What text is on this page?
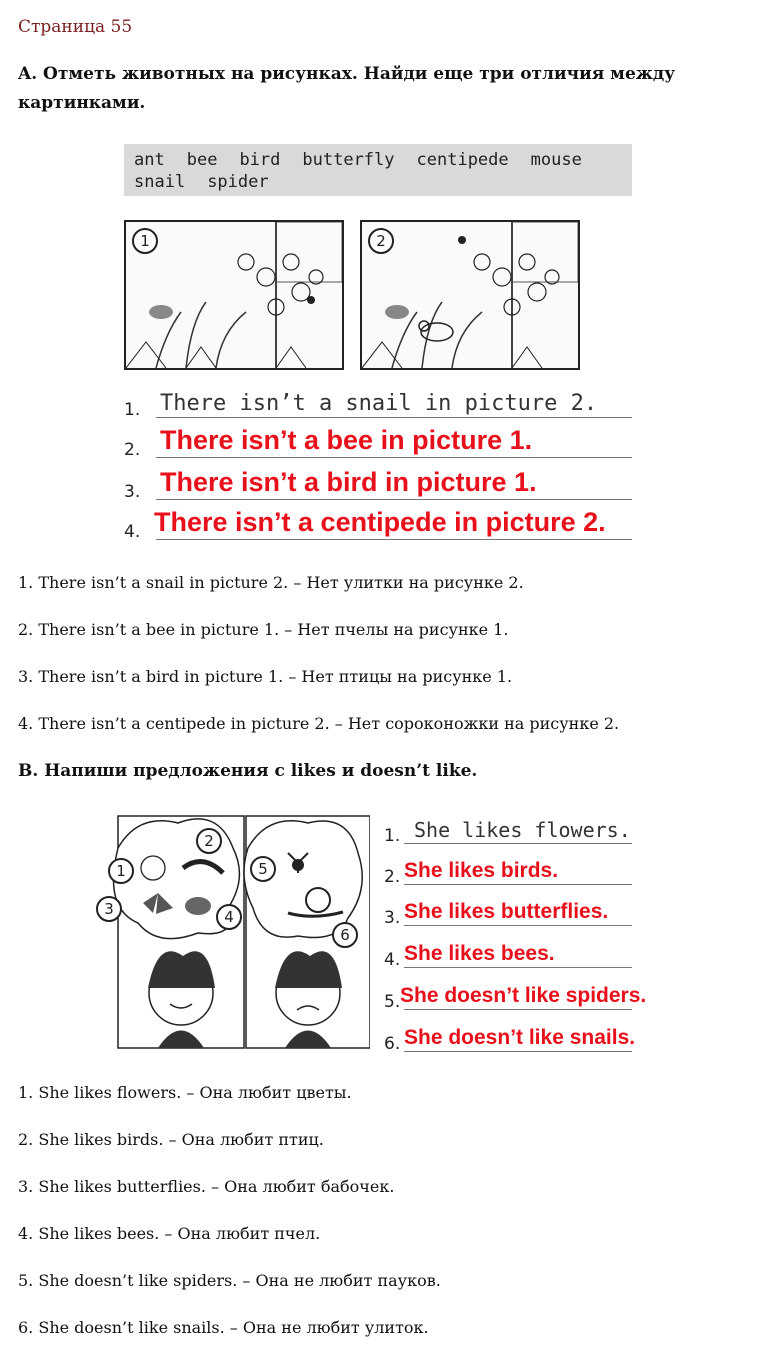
Страница 55
A. Отметь животных на рисунках. Найди еще три отличия между картинками.
ant bee bird butterfly centipede mouse
snail spider
1	2
1. There isn’t a snail in picture 2.
2. There isn’t a bee in picture 1.
3. There isn’t a bird in picture 1.
4. There isn’t a centipede in picture 2.
1. There isn’t a snail in picture 2. – Нет улитки на рисунке 2.
2. There isn’t a bee in picture 1. – Нет пчелы на рисунке 1.
3. There isn’t a bird in picture 1. – Нет птицы на рисунке 1.
4. There isn’t a centipede in picture 2. – Нет сороконожки на рисунке 2.
B. Напиши предложения с likes и doesn’t like.
1
2
3	4
5
6
1. She likes flowers.
2. She likes birds.
3. She likes butterflies.
4. She likes bees.
5. She doesn’t like spiders.
6. She doesn’t like snails.
1. She likes flowers. – Она любит цветы.
2. She likes birds. – Она любит птиц.
3. She likes butterflies. – Она любит бабочек.
4. She likes bees. – Она любит пчел.
5. She doesn’t like spiders. – Она не любит пауков.
6. She doesn’t like snails. – Она не любит улиток.
